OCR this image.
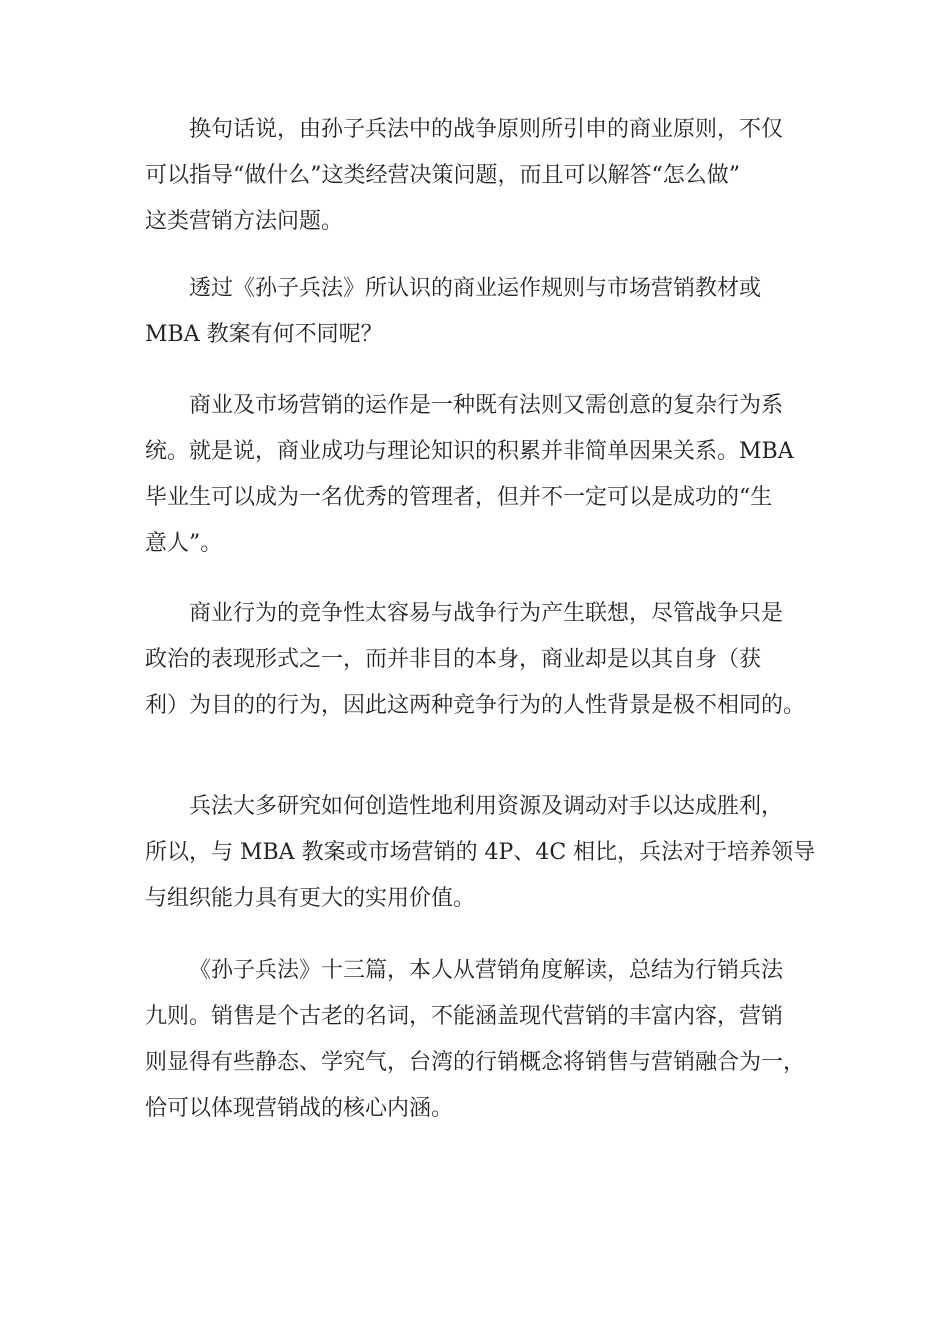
换句话说，由孙子兵法中的战争原则所引申的商业原则，不仅
可以指导“做什么”这类经营决策问题，而且可以解答“怎么做”
这类营销方法问题。
透过《孙子兵法》所认识的商业运作规则与市场营销教材或
MBA 教案有何不同呢？
商业及市场营销的运作是一种既有法则又需创意的复杂行为系
统。就是说，商业成功与理论知识的积累并非简单因果关系。MBA
毕业生可以成为一名优秀的管理者，但并不一定可以是成功的“生
意人”。
商业行为的竞争性太容易与战争行为产生联想，尽管战争只是
政治的表现形式之一，而并非目的本身，商业却是以其自身（获
利）为目的的行为，因此这两种竞争行为的人性背景是极不相同的。
兵法大多研究如何创造性地利用资源及调动对手以达成胜利，
所以，与 MBA 教案或市场营销的 4P、4C 相比，兵法对于培养领导
与组织能力具有更大的实用价值。
《孙子兵法》十三篇，本人从营销角度解读，总结为行销兵法
九则。销售是个古老的名词，不能涵盖现代营销的丰富内容，营销
则显得有些静态、学究气，台湾的行销概念将销售与营销融合为一，
恰可以体现营销战的核心内涵。
